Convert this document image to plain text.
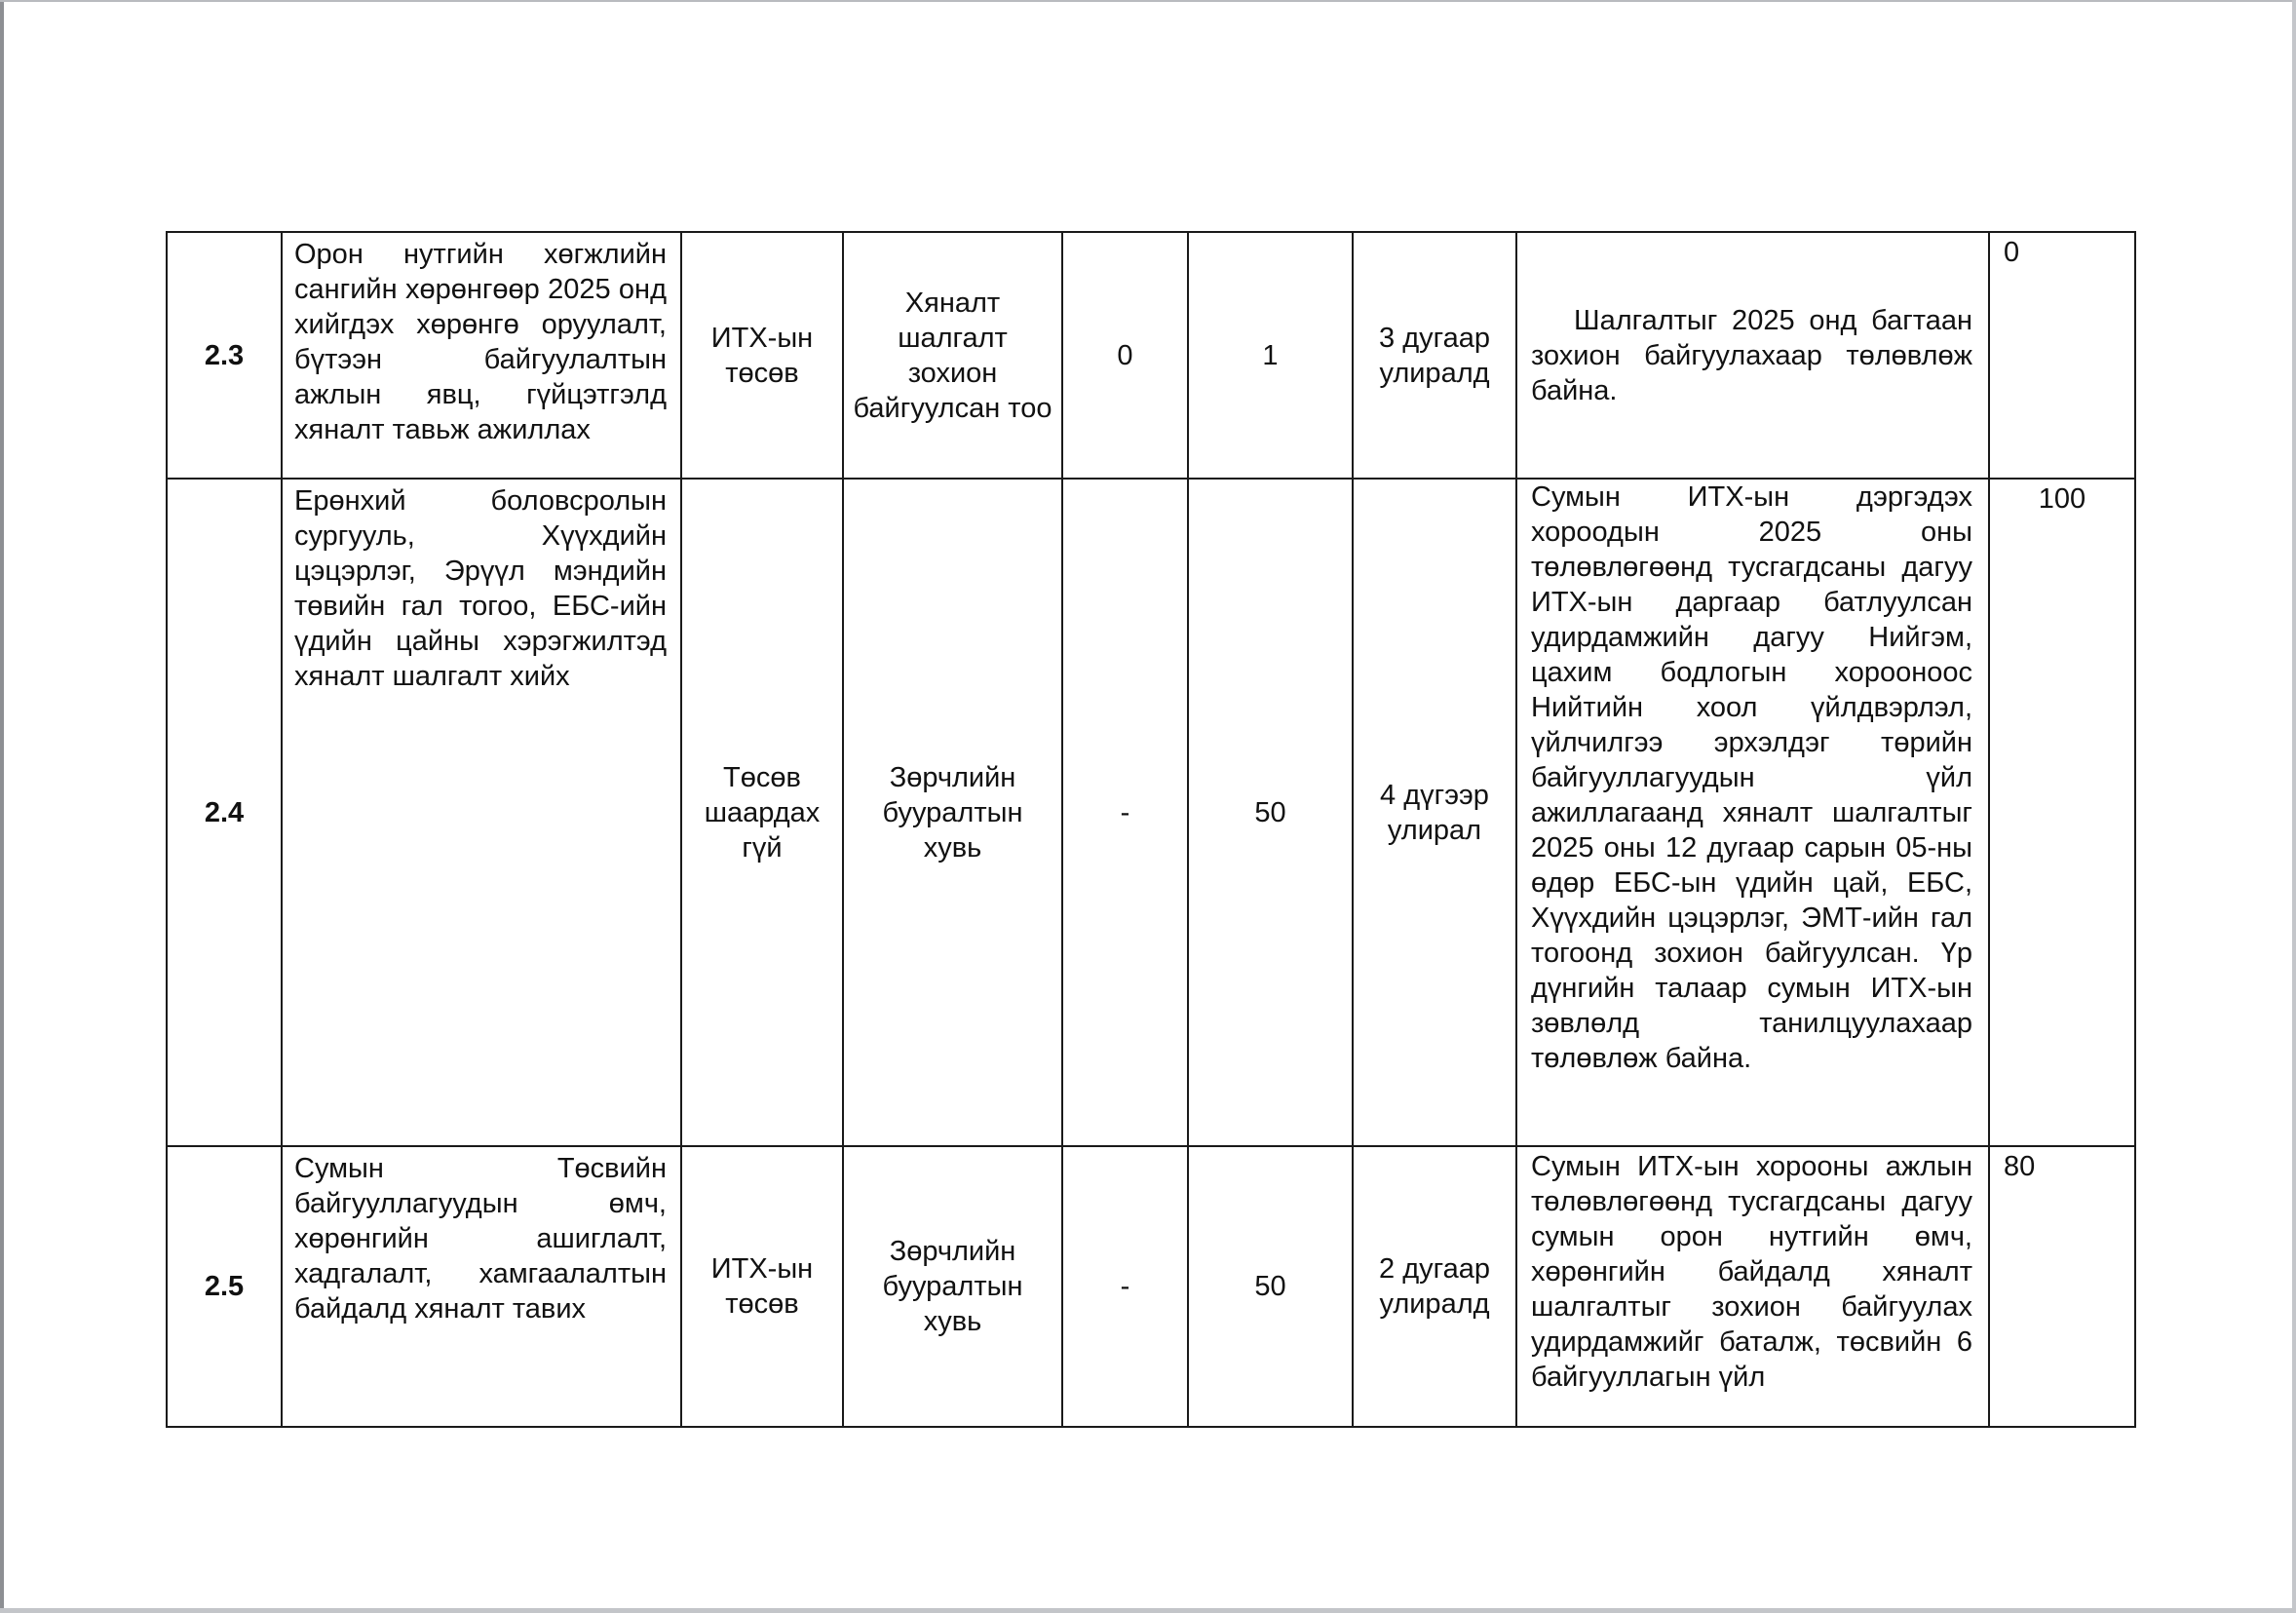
2.3	Орон нутгийн хөгжлийн сангийн хөрөнгөөр 2025 онд хийгдэх хөрөнгө оруулалт, бүтээн байгуулалтын ажлын явц, гүйцэтгэлд хяналт тавьж ажиллах	ИТХ-ын төсөв	Хяналт шалгалт зохион байгуулсан тоо	0	1	3 дугаар улиралд	Шалгалтыг 2025 онд багтаан зохион байгуулахаар төлөвлөж байна.	0
2.4	Ерөнхий боловсролын сургууль, Хүүхдийн цэцэрлэг, Эрүүл мэндийн төвийн гал тогоо, ЕБС-ийн үдийн цайны хэрэгжилтэд хяналт шалгалт хийх	Төсөв шаардах гүй	Зөрчлийн бууралтын хувь	-	50	4 дүгээр улирал	Сумын ИТХ-ын дэргэдэх хороодын 2025 оны төлөвлөгөөнд тусгагдсаны дагуу ИТХ-ын даргаар батлуулсан удирдамжийн дагуу Нийгэм, цахим бодлогын хорооноос Нийтийн хоол үйлдвэрлэл, үйлчилгээ эрхэлдэг төрийн байгууллагуудын үйл ажиллагаанд хяналт шалгалтыг 2025 оны 12 дугаар сарын 05-ны өдөр ЕБС-ын үдийн цай, ЕБС, Хүүхдийн цэцэрлэг, ЭМТ-ийн гал тогоонд зохион байгуулсан. Үр дүнгийн талаар сумын ИТХ-ын зөвлөлд танилцуулахаар төлөвлөж байна.	100
2.5	Сумын Төсвийн байгууллагуудын өмч, хөрөнгийн ашиглалт, хадгалалт, хамгаалалтын байдалд хяналт тавих	ИТХ-ын төсөв	Зөрчлийн бууралтын хувь	-	50	2 дугаар улиралд	Сумын ИТХ-ын хорооны ажлын төлөвлөгөөнд тусгагдсаны дагуу сумын орон нутгийн өмч, хөрөнгийн байдалд хяналт шалгалтыг зохион байгуулах удирдамжийг баталж, төсвийн 6 байгууллагын үйл	80
